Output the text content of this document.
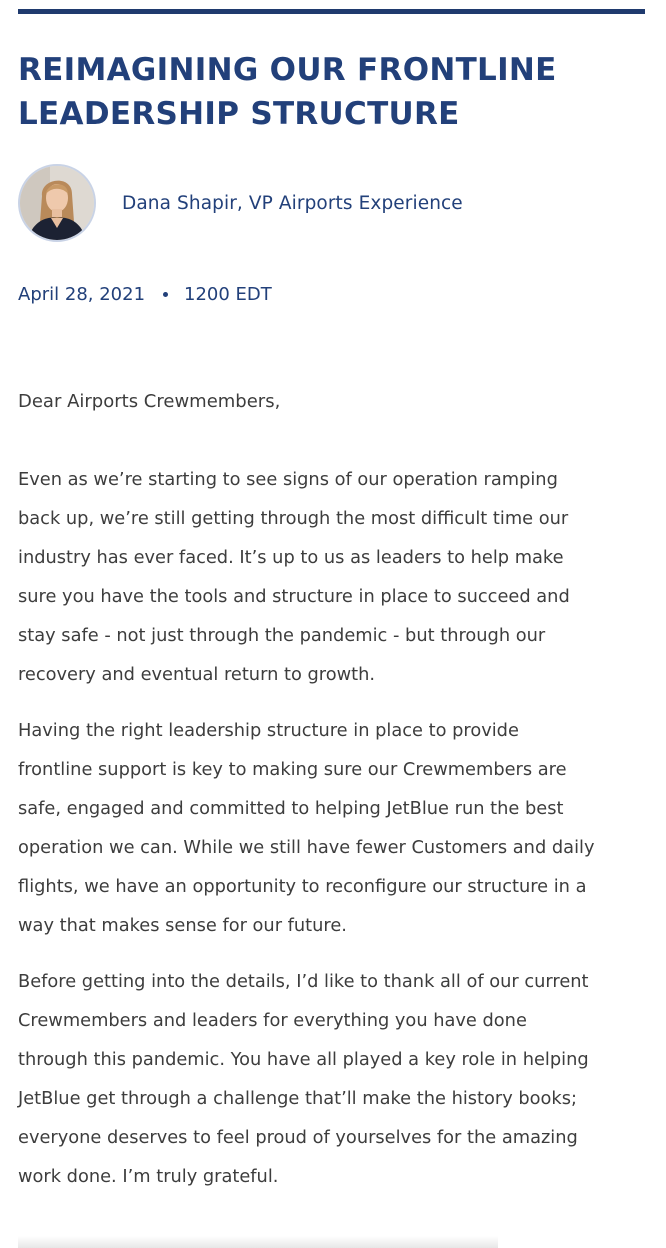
REIMAGINING OUR FRONTLINE LEADERSHIP STRUCTURE
Dana Shapir, VP Airports Experience
April 28, 2021 1200 EDT
Dear Airports Crewmembers,
Even as we’re starting to see signs of our operation ramping
back up, we’re still getting through the most difficult time our
industry has ever faced. It’s up to us as leaders to help make
sure you have the tools and structure in place to succeed and
stay safe - not just through the pandemic - but through our
recovery and eventual return to growth.
Having the right leadership structure in place to provide
frontline support is key to making sure our Crewmembers are
safe, engaged and committed to helping JetBlue run the best
operation we can. While we still have fewer Customers and daily
flights, we have an opportunity to reconfigure our structure in a
way that makes sense for our future.
Before getting into the details, I’d like to thank all of our current
Crewmembers and leaders for everything you have done
through this pandemic. You have all played a key role in helping
JetBlue get through a challenge that’ll make the history books;
everyone deserves to feel proud of yourselves for the amazing
work done. I’m truly grateful.
